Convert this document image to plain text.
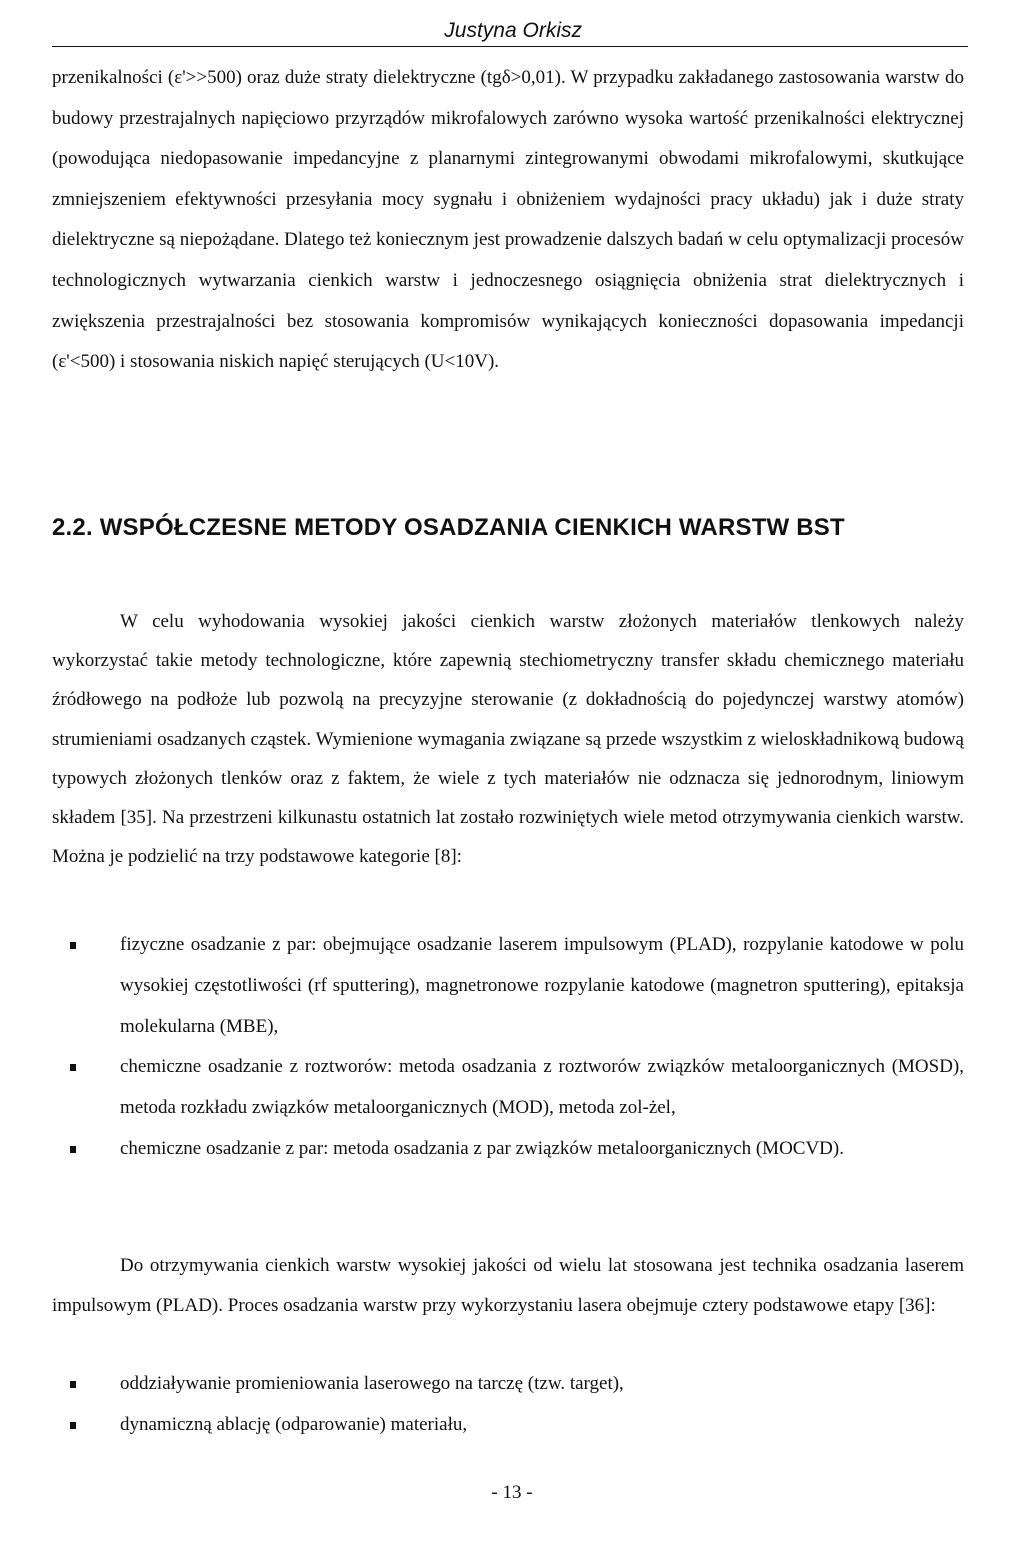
Justyna Orkisz

przenikalności (ε'>>500) oraz duże straty dielektryczne (tgδ>0,01). W przypadku zakładanego zastosowania warstw do budowy przestrajalnych napięciowo przyrządów mikrofalowych zarówno wysoka wartość przenikalności elektrycznej (powodująca niedopasowanie impedancyjne z planarnymi zintegrowanymi obwodami mikrofalowymi, skutkujące zmniejszeniem efektywności przesyłania mocy sygnału i obniżeniem wydajności pracy układu) jak i duże straty dielektryczne są niepożądane. Dlatego też koniecznym jest prowadzenie dalszych badań w celu optymalizacji procesów technologicznych wytwarzania cienkich warstw i jednoczesnego osiągnięcia obniżenia strat dielektrycznych i zwiększenia przestrajalności bez stosowania kompromisów wynikających konieczności dopasowania impedancji (ε'<500) i stosowania niskich napięć sterujących (U<10V).

2.2. WSPÓŁCZESNE METODY OSADZANIA CIENKICH WARSTW BST

W celu wyhodowania wysokiej jakości cienkich warstw złożonych materiałów tlenkowych należy wykorzystać takie metody technologiczne, które zapewnią stechiometryczny transfer składu chemicznego materiału źródłowego na podłoże lub pozwolą na precyzyjne sterowanie (z dokładnością do pojedynczej warstwy atomów) strumieniami osadzanych cząstek. Wymienione wymagania związane są przede wszystkim z wieloskładnikową budową typowych złożonych tlenków oraz z faktem, że wiele z tych materiałów nie odznacza się jednorodnym, liniowym składem [35]. Na przestrzeni kilkunastu ostatnich lat zostało rozwiniętych wiele metod otrzymywania cienkich warstw. Można je podzielić na trzy podstawowe kategorie [8]:

fizyczne osadzanie z par: obejmujące osadzanie laserem impulsowym (PLAD), rozpylanie katodowe w polu wysokiej częstotliwości (rf sputtering), magnetronowe rozpylanie katodowe (magnetron sputtering), epitaksja molekularna (MBE),
chemiczne osadzanie z roztworów: metoda osadzania z roztworów związków metaloorganicznych (MOSD), metoda rozkładu związków metaloorganicznych (MOD), metoda zol-żel,
chemiczne osadzanie z par: metoda osadzania z par związków metaloorganicznych (MOCVD).

Do otrzymywania cienkich warstw wysokiej jakości od wielu lat stosowana jest technika osadzania laserem impulsowym (PLAD). Proces osadzania warstw przy wykorzystaniu lasera obejmuje cztery podstawowe etapy [36]:

oddziaływanie promieniowania laserowego na tarczę (tzw. target),
dynamiczną ablację (odparowanie) materiału,
- 13 -
